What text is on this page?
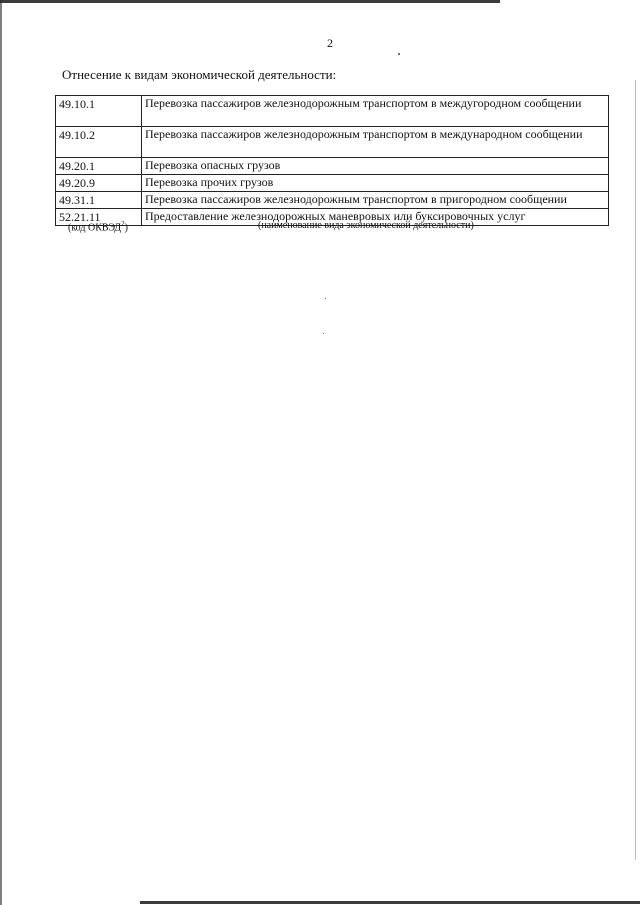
2
Отнесение к видам экономической деятельности:
49.10.1	Перевозка пассажиров железнодорожным транспортом в междугородном сообщении
49.10.2	Перевозка пассажиров железнодорожным транспортом в международном сообщении
49.20.1	Перевозка опасных грузов
49.20.9	Перевозка прочих грузов
49.31.1	Перевозка пассажиров железнодорожным транспортом в пригородном сообщении
52.21.11	Предоставление железнодорожных маневровых или буксировочных услуг
(код ОКВЭД$^2$)	(наименование вида экономической деятельности)
